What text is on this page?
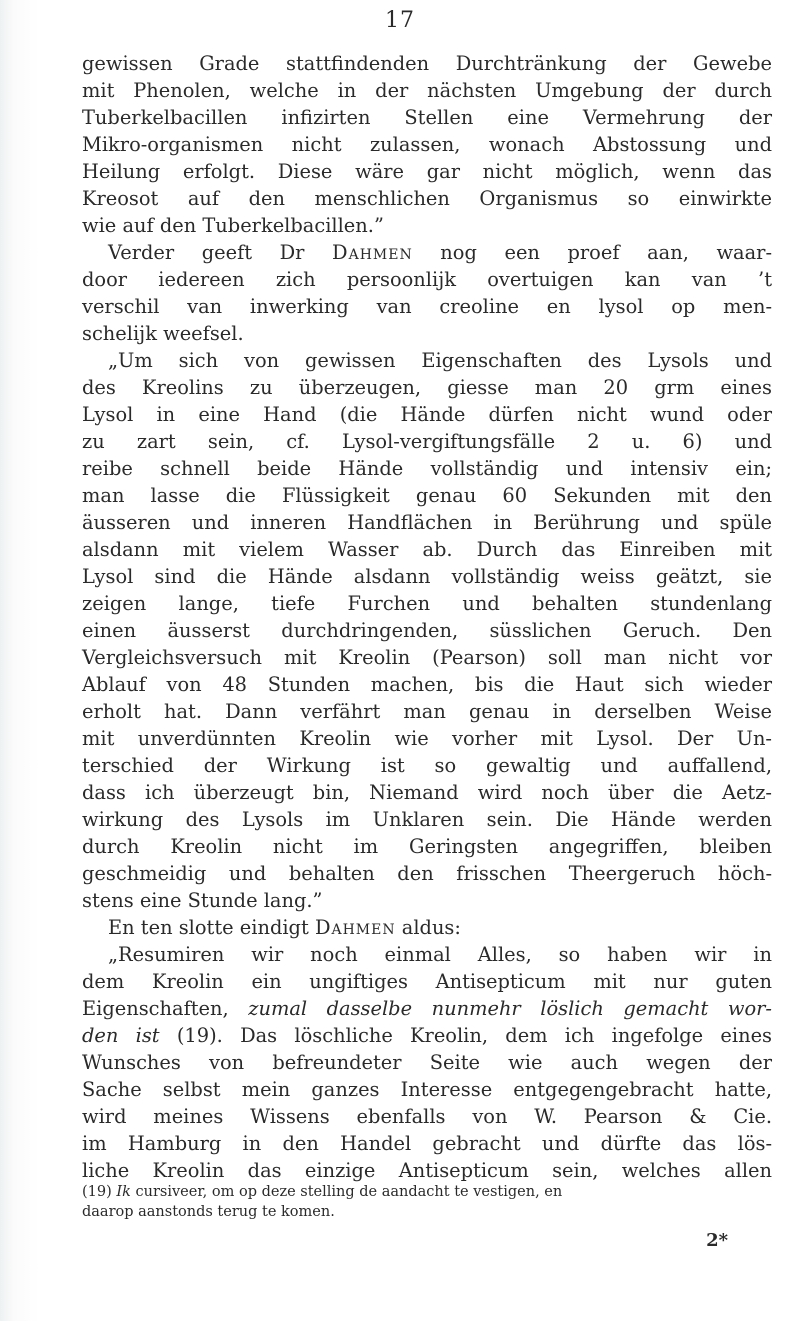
17
gewissen Grade stattfindenden Durchtränkung der Gewebe
mit Phenolen, welche in der nächsten Umgebung der durch
Tuberkelbacillen infizirten Stellen eine Vermehrung der
Mikro-organismen nicht zulassen, wonach Abstossung und
Heilung erfolgt. Diese wäre gar nicht möglich, wenn das
Kreosot auf den menschlichen Organismus so einwirkte
wie auf den Tuberkelbacillen.”
Verder geeft Dr Dahmen nog een proef aan, waar-
door iedereen zich persoonlijk overtuigen kan van ’t
verschil van inwerking van creoline en lysol op men-
schelijk weefsel.
„Um sich von gewissen Eigenschaften des Lysols und
des Kreolins zu überzeugen, giesse man 20 grm eines
Lysol in eine Hand (die Hände dürfen nicht wund oder
zu zart sein, cf. Lysol-vergiftungsfälle 2 u. 6) und
reibe schnell beide Hände vollständig und intensiv ein;
man lasse die Flüssigkeit genau 60 Sekunden mit den
äusseren und inneren Handflächen in Berührung und spüle
alsdann mit vielem Wasser ab. Durch das Einreiben mit
Lysol sind die Hände alsdann vollständig weiss geätzt, sie
zeigen lange, tiefe Furchen und behalten stundenlang
einen äusserst durchdringenden, süsslichen Geruch. Den
Vergleichsversuch mit Kreolin (Pearson) soll man nicht vor
Ablauf von 48 Stunden machen, bis die Haut sich wieder
erholt hat. Dann verfährt man genau in derselben Weise
mit unverdünnten Kreolin wie vorher mit Lysol. Der Un-
terschied der Wirkung ist so gewaltig und auffallend,
dass ich überzeugt bin, Niemand wird noch über die Aetz-
wirkung des Lysols im Unklaren sein. Die Hände werden
durch Kreolin nicht im Geringsten angegriffen, bleiben
geschmeidig und behalten den frisschen Theergeruch höch-
stens eine Stunde lang.”
En ten slotte eindigt Dahmen aldus:
„Resumiren wir noch einmal Alles, so haben wir in
dem Kreolin ein ungiftiges Antisepticum mit nur guten
Eigenschaften, zumal dasselbe nunmehr löslich gemacht wor-
den ist (19). Das löschliche Kreolin, dem ich ingefolge eines
Wunsches von befreundeter Seite wie auch wegen der
Sache selbst mein ganzes Interesse entgegengebracht hatte,
wird meines Wissens ebenfalls von W. Pearson & Cie.
im Hamburg in den Handel gebracht und dürfte das lös-
liche Kreolin das einzige Antisepticum sein, welches allen
(19) Ik cursiveer, om op deze stelling de aandacht te vestigen, en
daarop aanstonds terug te komen.
2*
